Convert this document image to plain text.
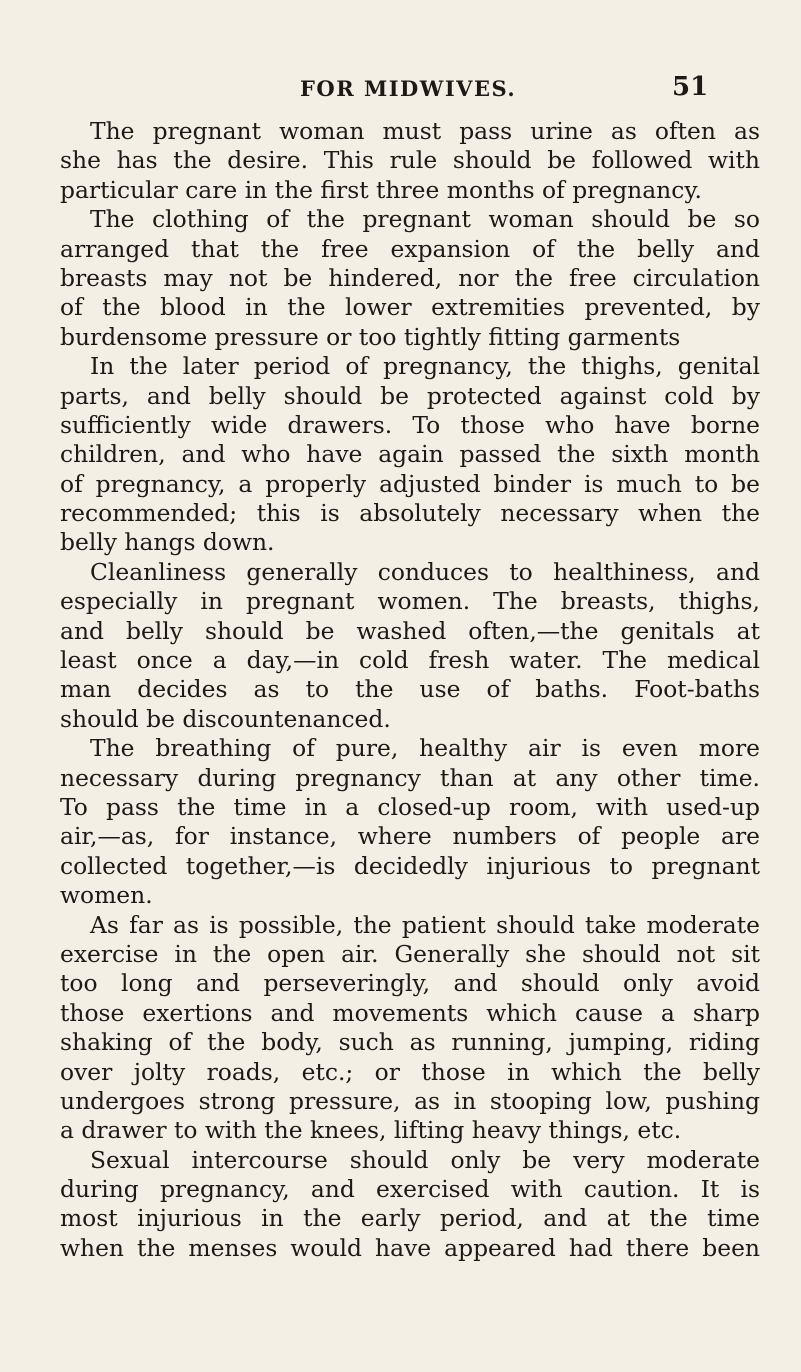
FOR MIDWIVES.	51
The pregnant woman must pass urine as often as
she has the desire. This rule should be followed with
particular care in the first three months of pregnancy.
The clothing of the pregnant woman should be so
arranged that the free expansion of the belly and
breasts may not be hindered, nor the free circulation
of the blood in the lower extremities prevented, by
burdensome pressure or too tightly fitting garments
In the later period of pregnancy, the thighs, genital
parts, and belly should be protected against cold by
sufficiently wide drawers. To those who have borne
children, and who have again passed the sixth month
of pregnancy, a properly adjusted binder is much to be
recommended; this is absolutely necessary when the
belly hangs down.
Cleanliness generally conduces to healthiness, and
especially in pregnant women. The breasts, thighs,
and belly should be washed often,—the genitals at
least once a day,—in cold fresh water. The medical
man decides as to the use of baths. Foot-baths
should be discountenanced.
The breathing of pure, healthy air is even more
necessary during pregnancy than at any other time.
To pass the time in a closed-up room, with used-up
air,—as, for instance, where numbers of people are
collected together,—is decidedly injurious to pregnant
women.
As far as is possible, the patient should take moderate
exercise in the open air. Generally she should not sit
too long and perseveringly, and should only avoid
those exertions and movements which cause a sharp
shaking of the body, such as running, jumping, riding
over jolty roads, etc.; or those in which the belly
undergoes strong pressure, as in stooping low, pushing
a drawer to with the knees, lifting heavy things, etc.
Sexual intercourse should only be very moderate
during pregnancy, and exercised with caution. It is
most injurious in the early period, and at the time
when the menses would have appeared had there been
